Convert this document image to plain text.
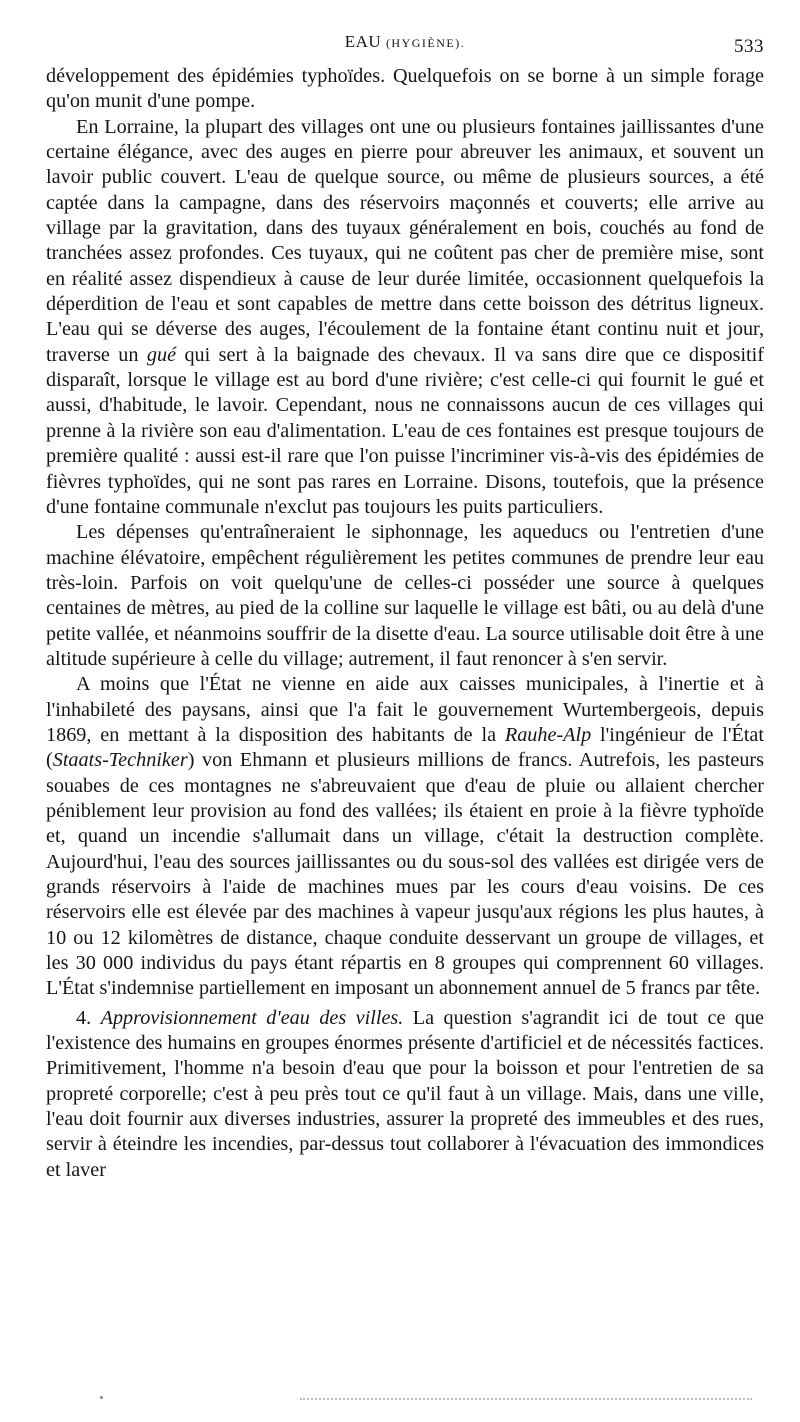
EAU (HYGIÈNE).	533

développement des épidémies typhoïdes. Quelquefois on se borne à un simple forage qu'on munit d'une pompe.

En Lorraine, la plupart des villages ont une ou plusieurs fontaines jaillissantes d'une certaine élégance, avec des auges en pierre pour abreuver les animaux, et souvent un lavoir public couvert. L'eau de quelque source, ou même de plusieurs sources, a été captée dans la campagne, dans des réservoirs maçonnés et couverts; elle arrive au village par la gravitation, dans des tuyaux généralement en bois, couchés au fond de tranchées assez profondes. Ces tuyaux, qui ne coûtent pas cher de première mise, sont en réalité assez dispendieux à cause de leur durée limitée, occasionnent quelquefois la déperdition de l'eau et sont capables de mettre dans cette boisson des détritus ligneux. L'eau qui se déverse des auges, l'écoulement de la fontaine étant continu nuit et jour, traverse un gué qui sert à la baignade des chevaux. Il va sans dire que ce dispositif disparaît, lorsque le village est au bord d'une rivière; c'est celle-ci qui fournit le gué et aussi, d'habitude, le lavoir. Cependant, nous ne connaissons aucun de ces villages qui prenne à la rivière son eau d'alimentation. L'eau de ces fontaines est presque toujours de première qualité : aussi est-il rare que l'on puisse l'incriminer vis-à-vis des épidémies de fièvres typhoïdes, qui ne sont pas rares en Lorraine. Disons, toutefois, que la présence d'une fontaine communale n'exclut pas toujours les puits particuliers.

Les dépenses qu'entraîneraient le siphonnage, les aqueducs ou l'entretien d'une machine élévatoire, empêchent régulièrement les petites communes de prendre leur eau très-loin. Parfois on voit quelqu'une de celles-ci posséder une source à quelques centaines de mètres, au pied de la colline sur laquelle le village est bâti, ou au delà d'une petite vallée, et néanmoins souffrir de la disette d'eau. La source utilisable doit être à une altitude supérieure à celle du village; autrement, il faut renoncer à s'en servir.

A moins que l'État ne vienne en aide aux caisses municipales, à l'inertie et à l'inhabileté des paysans, ainsi que l'a fait le gouvernement Wurtembergeois, depuis 1869, en mettant à la disposition des habitants de la Rauhe-Alp l'ingénieur de l'État (Staats-Techniker) von Ehmann et plusieurs millions de francs. Autrefois, les pasteurs souabes de ces montagnes ne s'abreuvaient que d'eau de pluie ou allaient chercher péniblement leur provision au fond des vallées; ils étaient en proie à la fièvre typhoïde et, quand un incendie s'allumait dans un village, c'était la destruction complète. Aujourd'hui, l'eau des sources jaillissantes ou du sous-sol des vallées est dirigée vers de grands réservoirs à l'aide de machines mues par les cours d'eau voisins. De ces réservoirs elle est élevée par des machines à vapeur jusqu'aux régions les plus hautes, à 10 ou 12 kilomètres de distance, chaque conduite desservant un groupe de villages, et les 30 000 individus du pays étant répartis en 8 groupes qui comprennent 60 villages. L'État s'indemnise partiellement en imposant un abonnement annuel de 5 francs par tête.

4. Approvisionnement d'eau des villes. La question s'agrandit ici de tout ce que l'existence des humains en groupes énormes présente d'artificiel et de nécessités factices. Primitivement, l'homme n'a besoin d'eau que pour la boisson et pour l'entretien de sa propreté corporelle; c'est à peu près tout ce qu'il faut à un village. Mais, dans une ville, l'eau doit fournir aux diverses industries, assurer la propreté des immeubles et des rues, servir à éteindre les incendies, par-dessus tout collaborer à l'évacuation des immondices et laver
